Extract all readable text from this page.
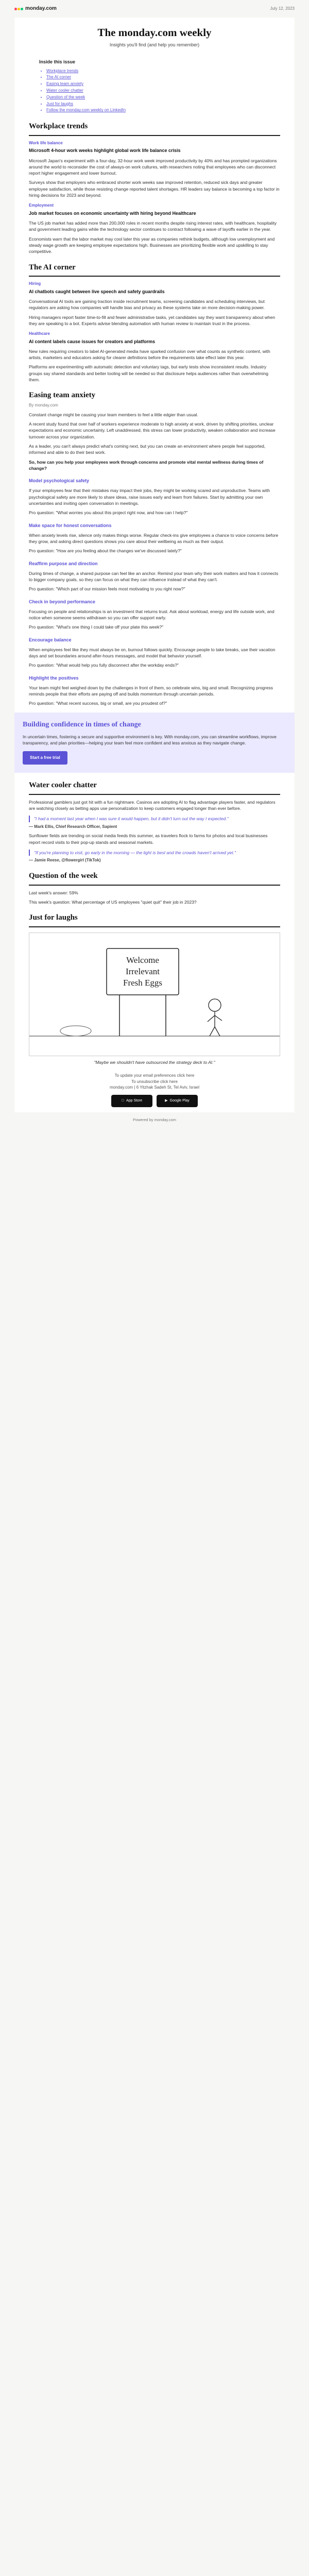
monday.com	July 12, 2023
The monday.com weekly

Insights you'll find (and help you remember)

Inside this issue
• Workplace trends
• The AI corner
• Easing team anxiety
• Water cooler chatter
• Question of the week
• Just for laughs
• Follow the monday.com weekly on LinkedIn
Workplace trends
Work life balance
Microsoft 4-hour work weeks highlight global work life balance crisis

Microsoft Japan's experiment with a four-day, 32-hour work week improved productivity by 40% and has prompted organizations around the world to reconsider the cost of always-on work cultures, with researchers noting that employees who can disconnect report higher engagement and lower burnout.

Surveys show that employers who embraced shorter work weeks saw improved retention, reduced sick days and greater employee satisfaction, while those resisting change reported talent shortages. HR leaders say balance is becoming a top factor in hiring decisions for 2023 and beyond.

Employment
Job market focuses on economic uncertainty with hiring beyond Healthcare

The US job market has added more than 200,000 roles in recent months despite rising interest rates, with healthcare, hospitality and government leading gains while the technology sector continues to contract following a wave of layoffs earlier in the year.

Economists warn that the labor market may cool later this year as companies rethink budgets, although low unemployment and steady wage growth are keeping employee expectations high. Businesses are prioritizing flexible work and upskilling to stay competitive.

The AI corner
Hiring
AI chatbots caught between live speech and safety guardrails

Conversational AI tools are gaining traction inside recruitment teams, screening candidates and scheduling interviews, but regulators are asking how companies will handle bias and privacy as these systems take on more decision-making power.

Hiring managers report faster time-to-fill and fewer administrative tasks, yet candidates say they want transparency about when they are speaking to a bot. Experts advise blending automation with human review to maintain trust in the process.

Healthcare
AI content labels cause issues for creators and platforms

New rules requiring creators to label AI-generated media have sparked confusion over what counts as synthetic content, with artists, marketers and educators asking for clearer definitions before the requirements take effect later this year.

Platforms are experimenting with automatic detection and voluntary tags, but early tests show inconsistent results. Industry groups say shared standards and better tooling will be needed so that disclosure helps audiences rather than overwhelming them.

Easing team anxiety
By monday.com

Constant change might be causing your team members to feel a little edgier than usual.

A recent study found that over half of workers experience moderate to high anxiety at work, driven by shifting priorities, unclear expectations and economic uncertainty. Left unaddressed, this stress can lower productivity, weaken collaboration and increase turnover across your organization.

As a leader, you can't always predict what's coming next, but you can create an environment where people feel supported, informed and able to do their best work.

So, how can you help your employees work through concerns and promote vital mental wellness during times of change?

Model psychological safety

If your employees fear that their mistakes may impact their jobs, they might be working scared and unproductive. Teams with psychological safety are more likely to share ideas, raise issues early and learn from failures. Start by admitting your own uncertainties and inviting open conversation in meetings.

Pro question: "What worries you about this project right now, and how can I help?"

Make space for honest conversations

When anxiety levels rise, silence only makes things worse. Regular check-ins give employees a chance to voice concerns before they grow, and asking direct questions shows you care about their wellbeing as much as their output.

Pro question: "How are you feeling about the changes we've discussed lately?"

Reaffirm purpose and direction

During times of change, a shared purpose can feel like an anchor. Remind your team why their work matters and how it connects to bigger company goals, so they can focus on what they can influence instead of what they can't.

Pro question: "Which part of our mission feels most motivating to you right now?"

Check in beyond performance

Focusing on people and relationships is an investment that returns trust. Ask about workload, energy and life outside work, and notice when someone seems withdrawn so you can offer support early.

Pro question: "What's one thing I could take off your plate this week?"

Encourage balance

When employees feel like they must always be on, burnout follows quickly. Encourage people to take breaks, use their vacation days and set boundaries around after-hours messages, and model that behavior yourself.

Pro question: "What would help you fully disconnect after the workday ends?"

Highlight the positives

Your team might feel weighed down by the challenges in front of them, so celebrate wins, big and small. Recognizing progress reminds people that their efforts are paying off and builds momentum through uncertain periods.

Pro question: "What recent success, big or small, are you proudest of?"

Building confidence in times of change

In uncertain times, fostering a secure and supportive environment is key. With monday.com, you can streamline workflows, improve transparency, and plan priorities—helping your team feel more confident and less anxious as they navigate change.

Start a free trial
Water cooler chatter

Professional gamblers just got hit with a fun nightmare. Casinos are adopting AI to flag advantage players faster, and regulators are watching closely as betting apps use personalization to keep customers engaged longer than ever before.

"I had a moment last year when I was sure it would happen, but it didn't turn out the way I expected."
— Mark Ellis, Chief Research Officer, Sapient

Sunflower fields are trending on social media feeds this summer, as travelers flock to farms for photos and local businesses report record visits to their pop-up stands and seasonal markets.

"If you're planning to visit, go early in the morning — the light is best and the crowds haven't arrived yet."
— Jamie Reese, @flowergirl (TikTok)
Question of the week

Last week's answer: 59%

This week's question: What percentage of US employees "quiet quit" their job in 2023?

Just for laughs
Welcome
Irrelevant
Fresh Eggs

"Maybe we shouldn't have outsourced the strategy deck to AI."

To update your email preferences click here

To unsubscribe click here

monday.com | 6 Yitzhak Sadeh St, Tel Aviv, Israel

App Store	▶ Google Play
Powered by monday.com
